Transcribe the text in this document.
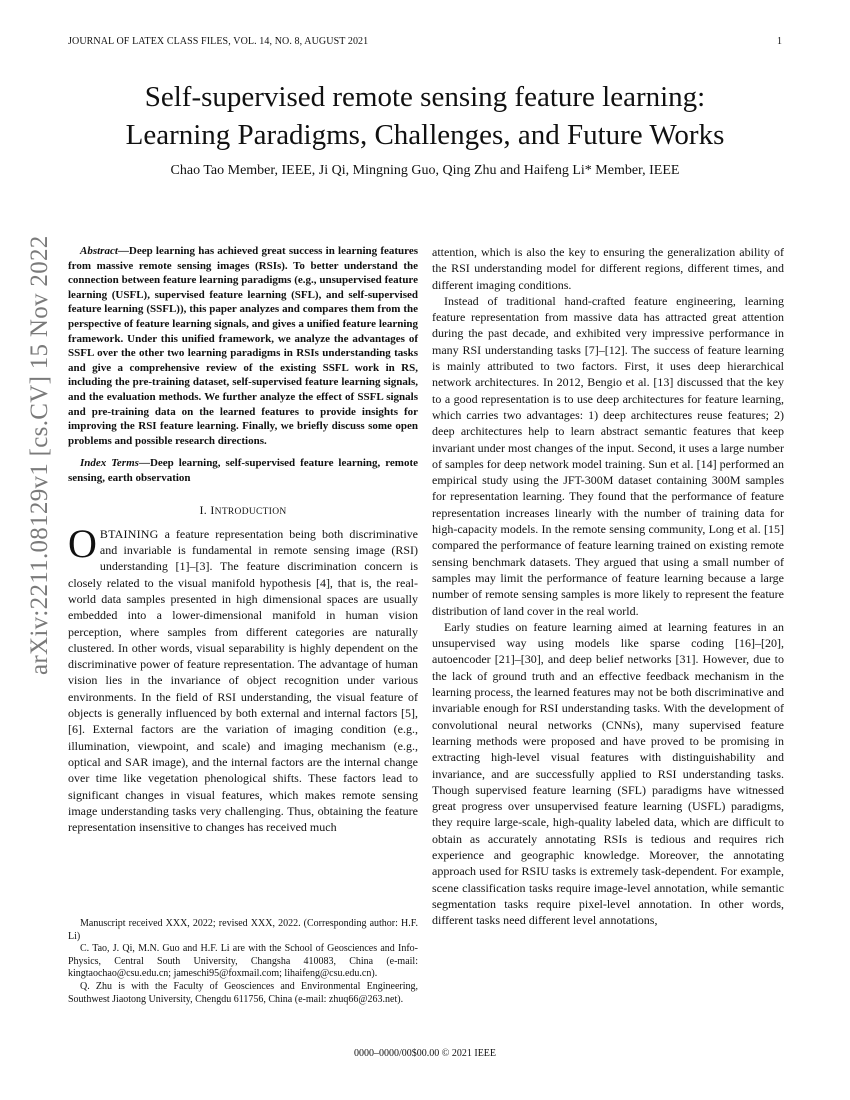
JOURNAL OF LATEX CLASS FILES, VOL. 14, NO. 8, AUGUST 2021	1
Self-supervised remote sensing feature learning:
Learning Paradigms, Challenges, and Future Works
Chao Tao Member, IEEE, Ji Qi, Mingning Guo, Qing Zhu and Haifeng Li* Member, IEEE
arXiv:2211.08129v1 [cs.CV] 15 Nov 2022	Abstract—Deep learning has achieved great success in learning features from massive remote sensing images (RSIs). To better understand the connection between feature learning paradigms (e.g., unsupervised feature learning (USFL), supervised feature learning (SFL), and self-supervised feature learning (SSFL)), this paper analyzes and compares them from the perspective of feature learning signals, and gives a unified feature learning framework. Under this unified framework, we analyze the advantages of SSFL over the other two learning paradigms in RSIs understanding tasks and give a comprehensive review of the existing SSFL work in RS, including the pre-training dataset, self-supervised feature learning signals, and the evaluation methods. We further analyze the effect of SSFL signals and pre-training data on the learned features to provide insights for improving the RSI feature learning. Finally, we briefly discuss some open problems and possible research directions.

Index Terms—Deep learning, self-supervised feature learning, remote sensing, earth observation

I. INTRODUCTION

OBTAINING a feature representation being both discriminative and invariable is fundamental in remote sensing image (RSI) understanding [1]–[3]. The feature discrimination concern is closely related to the visual manifold hypothesis [4], that is, the real-world data samples presented in high dimensional spaces are usually embedded into a lower-dimensional manifold in human vision perception, where samples from different categories are naturally clustered. In other words, visual separability is highly dependent on the discriminative power of feature representation. The advantage of human vision lies in the invariance of object recognition under various environments. In the field of RSI understanding, the visual feature of objects is generally influenced by both external and internal factors [5], [6]. External factors are the variation of imaging condition (e.g., illumination, viewpoint, and scale) and imaging mechanism (e.g., optical and SAR image), and the internal factors are the internal change over time like vegetation phenological shifts. These factors lead to significant changes in visual features, which makes remote sensing image understanding tasks very challenging. Thus, obtaining the feature representation insensitive to changes has received much

Manuscript received XXX, 2022; revised XXX, 2022. (Corresponding author: H.F. Li)

C. Tao, J. Qi, M.N. Guo and H.F. Li are with the School of Geosciences and Info-Physics, Central South University, Changsha 410083, China (e-mail: kingtaochao@csu.edu.cn; jameschi95@foxmail.com; lihaifeng@csu.edu.cn).

Q. Zhu is with the Faculty of Geosciences and Environmental Engineering, Southwest Jiaotong University, Chengdu 611756, China (e-mail: zhuq66@263.net).

attention, which is also the key to ensuring the generalization ability of the RSI understanding model for different regions, different times, and different imaging conditions.

Instead of traditional hand-crafted feature engineering, learning feature representation from massive data has attracted great attention during the past decade, and exhibited very impressive performance in many RSI understanding tasks [7]–[12]. The success of feature learning is mainly attributed to two factors. First, it uses deep hierarchical network architectures. In 2012, Bengio et al. [13] discussed that the key to a good representation is to use deep architectures for feature learning, which carries two advantages: 1) deep architectures reuse features; 2) deep architectures help to learn abstract semantic features that keep invariant under most changes of the input. Second, it uses a large number of samples for deep network model training. Sun et al. [14] performed an empirical study using the JFT-300M dataset containing 300M samples for representation learning. They found that the performance of feature representation increases linearly with the number of training data for high-capacity models. In the remote sensing community, Long et al. [15] compared the performance of feature learning trained on existing remote sensing benchmark datasets. They argued that using a small number of samples may limit the performance of feature learning because a large number of remote sensing samples is more likely to represent the feature distribution of land cover in the real world.

Early studies on feature learning aimed at learning features in an unsupervised way using models like sparse coding [16]–[20], autoencoder [21]–[30], and deep belief networks [31]. However, due to the lack of ground truth and an effective feedback mechanism in the learning process, the learned features may not be both discriminative and invariable enough for RSI understanding tasks. With the development of convolutional neural networks (CNNs), many supervised feature learning methods were proposed and have proved to be promising in extracting high-level visual features with distinguishability and invariance, and are successfully applied to RSI understanding tasks. Though supervised feature learning (SFL) paradigms have witnessed great progress over unsupervised feature learning (USFL) paradigms, they require large-scale, high-quality labeled data, which are difficult to obtain as accurately annotating RSIs is tedious and requires rich experience and geographic knowledge. Moreover, the annotating approach used for RSIU tasks is extremely task-dependent. For example, scene classification tasks require image-level annotation, while semantic segmentation tasks require pixel-level annotation. In other words, different tasks need different level annotations,

0000–0000/00$00.00 © 2021 IEEE
